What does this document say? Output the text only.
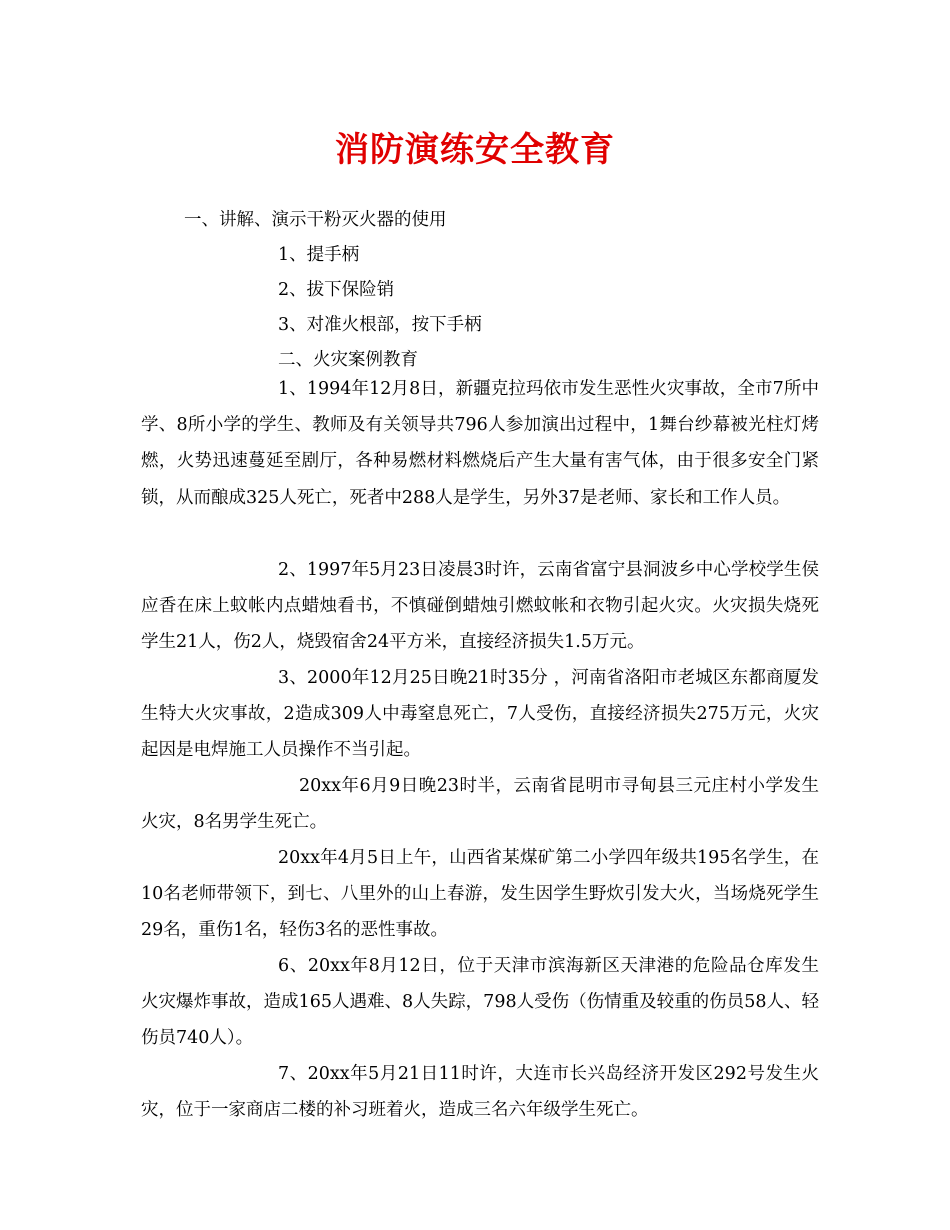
消防演练安全教育
一、讲解、演示干粉灭火器的使用
1、提手柄
2、拔下保险销
3、对准火根部，按下手柄
二、火灾案例教育
1、1994年12月8日，新疆克拉玛依市发生恶性火灾事故，全市7所中学、8所小学的学生、教师及有关领导共796人参加演出过程中，1舞台纱幕被光柱灯烤燃，火势迅速蔓延至剧厅，各种易燃材料燃烧后产生大量有害气体，由于很多安全门紧锁，从而酿成325人死亡，死者中288人是学生，另外37是老师、家长和工作人员。
2、1997年5月23日凌晨3时许，云南省富宁县洞波乡中心学校学生侯应香在床上蚊帐内点蜡烛看书，不慎碰倒蜡烛引燃蚊帐和衣物引起火灾。火灾损失烧死学生21人，伤2人，烧毁宿舍24平方米，直接经济损失1.5万元。
3、2000年12月25日晚21时35分 ，河南省洛阳市老城区东都商厦发生特大火灾事故，2造成309人中毒窒息死亡，7人受伤，直接经济损失275万元，火灾起因是电焊施工人员操作不当引起。
20xx年6月9日晚23时半，云南省昆明市寻甸县三元庄村小学发生火灾，8名男学生死亡。
20xx年4月5日上午，山西省某煤矿第二小学四年级共195名学生，在10名老师带领下，到七、八里外的山上春游，发生因学生野炊引发大火，当场烧死学生29名，重伤1名，轻伤3名的恶性事故。
6、20xx年8月12日，位于天津市滨海新区天津港的危险品仓库发生火灾爆炸事故，造成165人遇难、8人失踪，798人受伤（伤情重及较重的伤员58人、轻伤员740人）。
7、20xx年5月21日11时许，大连市长兴岛经济开发区292号发生火灾，位于一家商店二楼的补习班着火，造成三名六年级学生死亡。
